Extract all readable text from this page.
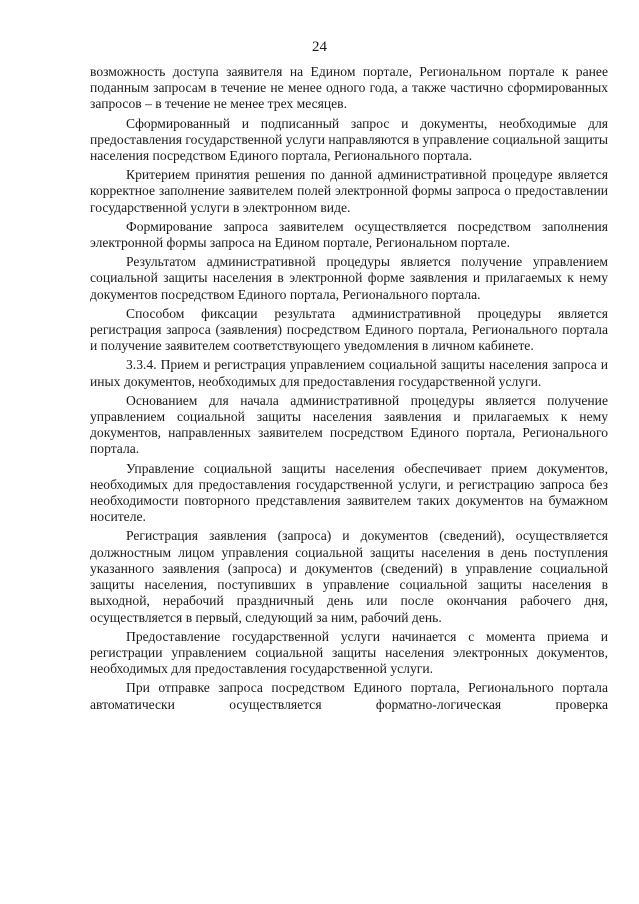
24

возможность доступа заявителя на Едином портале, Региональном портале к ранее поданным запросам в течение не менее одного года, а также частично сформированных запросов – в течение не менее трех месяцев.

Сформированный и подписанный запрос и документы, необходимые для предоставления государственной услуги направляются в управление социальной защиты населения посредством Единого портала, Регионального портала.

Критерием принятия решения по данной административной процедуре является корректное заполнение заявителем полей электронной формы запроса о предоставлении государственной услуги в электронном виде.

Формирование запроса заявителем осуществляется посредством заполнения электронной формы запроса на Едином портале, Региональном портале.

Результатом административной процедуры является получение управлением социальной защиты населения в электронной форме заявления и прилагаемых к нему документов посредством Единого портала, Регионального портала.

Способом фиксации результата административной процедуры является регистрация запроса (заявления) посредством Единого портала, Регионального портала и получение заявителем соответствующего уведомления в личном кабинете.

3.3.4. Прием и регистрация управлением социальной защиты населения запроса и иных документов, необходимых для предоставления государственной услуги.

Основанием для начала административной процедуры является получение управлением социальной защиты населения заявления и прилагаемых к нему документов, направленных заявителем посредством Единого портала, Регионального портала.

Управление социальной защиты населения обеспечивает прием документов, необходимых для предоставления государственной услуги, и регистрацию запроса без необходимости повторного представления заявителем таких документов на бумажном носителе.

Регистрация заявления (запроса) и документов (сведений), осуществляется должностным лицом управления социальной защиты населения в день поступления указанного заявления (запроса) и документов (сведений) в управление социальной защиты населения, поступивших в управление социальной защиты населения в выходной, нерабочий праздничный день или после окончания рабочего дня, осуществляется в первый, следующий за ним, рабочий день.

Предоставление государственной услуги начинается с момента приема и регистрации управлением социальной защиты населения электронных документов, необходимых для предоставления государственной услуги.

При отправке запроса посредством Единого портала, Регионального портала автоматически осуществляется форматно-логическая проверка
